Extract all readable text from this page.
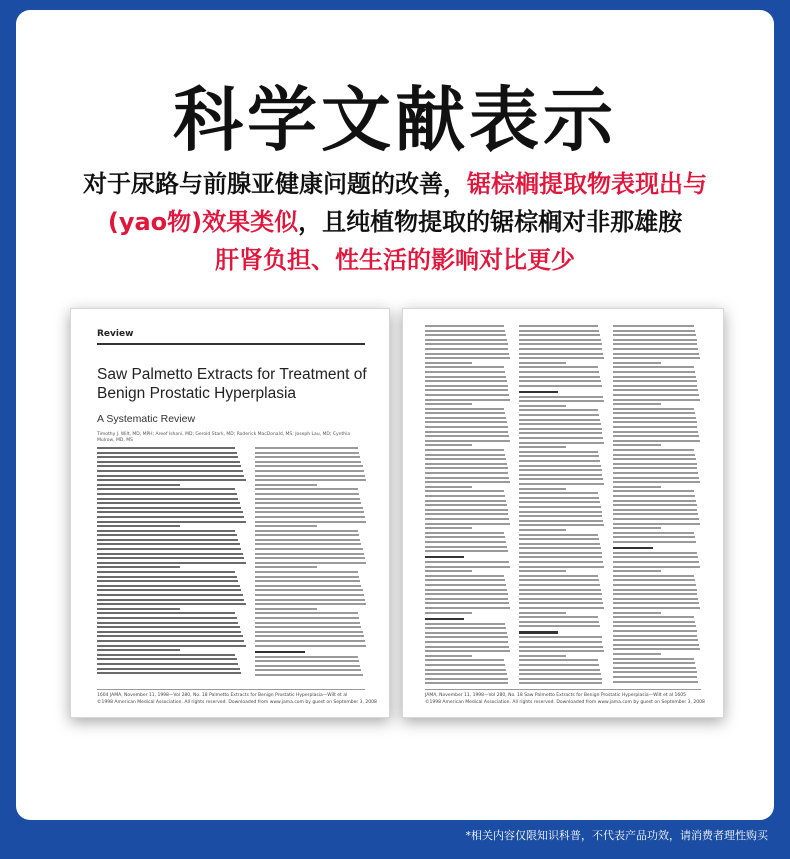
科学文献表示
对于尿路与前腺亚健康问题的改善，锯棕榈提取物表现出与
(yao物)效果类似，且纯植物提取的锯棕榈对非那雄胺
肝肾负担、性生活的影响对比更少
Review
Saw Palmetto Extracts for Treatment of Benign Prostatic Hyperplasia
A Systematic Review
Timothy J. Wilt, MD, MPH; Areef Ishani, MD; Gerold Stark, MD; Roderick MacDonald, MS; Joseph Lau, MD; Cynthia Mulrow, MD, MS
1604 JAMA, November 11, 1998—Vol 280, No. 18 Palmetto Extracts for Benign Prostatic Hyperplasia—Wilt et al
©1998 American Medical Association. All rights reserved. Downloaded from www.jama.com by guest on September 3, 2008
JAMA, November 11, 1998—Vol 280, No. 18 Saw Palmetto Extracts for Benign Prostatic Hyperplasia—Wilt et al 1605
©1998 American Medical Association. All rights reserved. Downloaded from www.jama.com by guest on September 3, 2008
*文献资料出自《美国医学会杂志》1938年11月11日第280卷第18期
*相关内容仅限知识科普，不代表产品功效，请消费者理性购买
